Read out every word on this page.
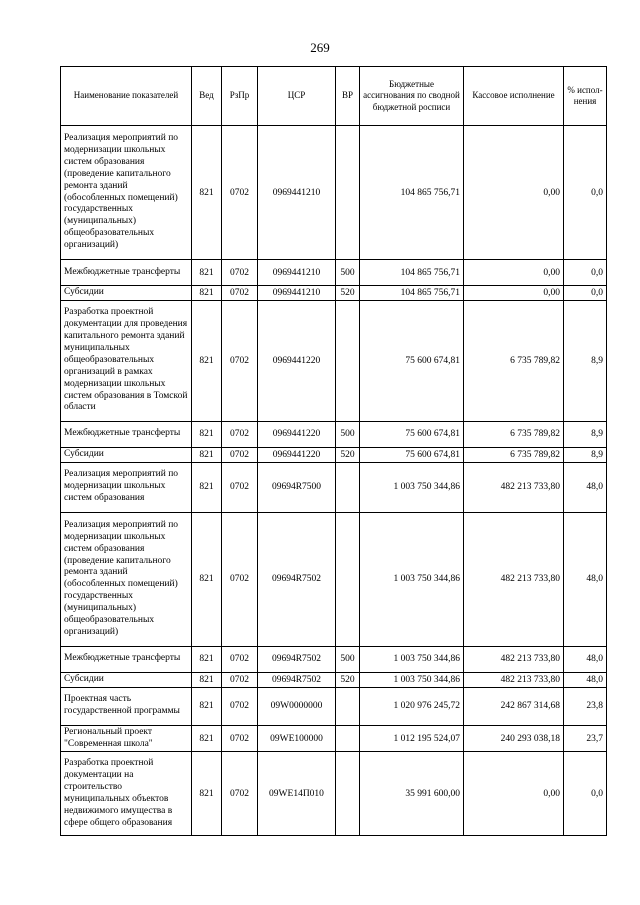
269
Наименование показателей	Вед	РзПр	ЦСР	ВР	Бюджетные ассигнования по сводной бюджетной росписи	Кассовое исполнение	% испол-нения
Реализация мероприятий по модернизации школьных систем образования (проведение капитального ремонта зданий (обособленных помещений) государственных (муниципальных) общеобразовательных организаций)	821	0702	0969441210		104 865 756,71	0,00	0,0
Межбюджетные трансферты	821	0702	0969441210	500	104 865 756,71	0,00	0,0
Субсидии	821	0702	0969441210	520	104 865 756,71	0,00	0,0
Разработка проектной документации для проведения капитального ремонта зданий муниципальных общеобразовательных организаций в рамках модернизации школьных систем образования в Томской области	821	0702	0969441220		75 600 674,81	6 735 789,82	8,9
Межбюджетные трансферты	821	0702	0969441220	500	75 600 674,81	6 735 789,82	8,9
Субсидии	821	0702	0969441220	520	75 600 674,81	6 735 789,82	8,9
Реализация мероприятий по модернизации школьных систем образования	821	0702	09694R7500		1 003 750 344,86	482 213 733,80	48,0
Реализация мероприятий по модернизации школьных систем образования (проведение капитального ремонта зданий (обособленных помещений) государственных (муниципальных) общеобразовательных организаций)	821	0702	09694R7502		1 003 750 344,86	482 213 733,80	48,0
Межбюджетные трансферты	821	0702	09694R7502	500	1 003 750 344,86	482 213 733,80	48,0
Субсидии	821	0702	09694R7502	520	1 003 750 344,86	482 213 733,80	48,0
Проектная часть государственной программы	821	0702	09W0000000		1 020 976 245,72	242 867 314,68	23,8
Региональный проект "Современная школа"	821	0702	09WE100000		1 012 195 524,07	240 293 038,18	23,7
Разработка проектной документации на строительство муниципальных объектов недвижимого имущества в сфере общего образования	821	0702	09WE14П010		35 991 600,00	0,00	0,0
